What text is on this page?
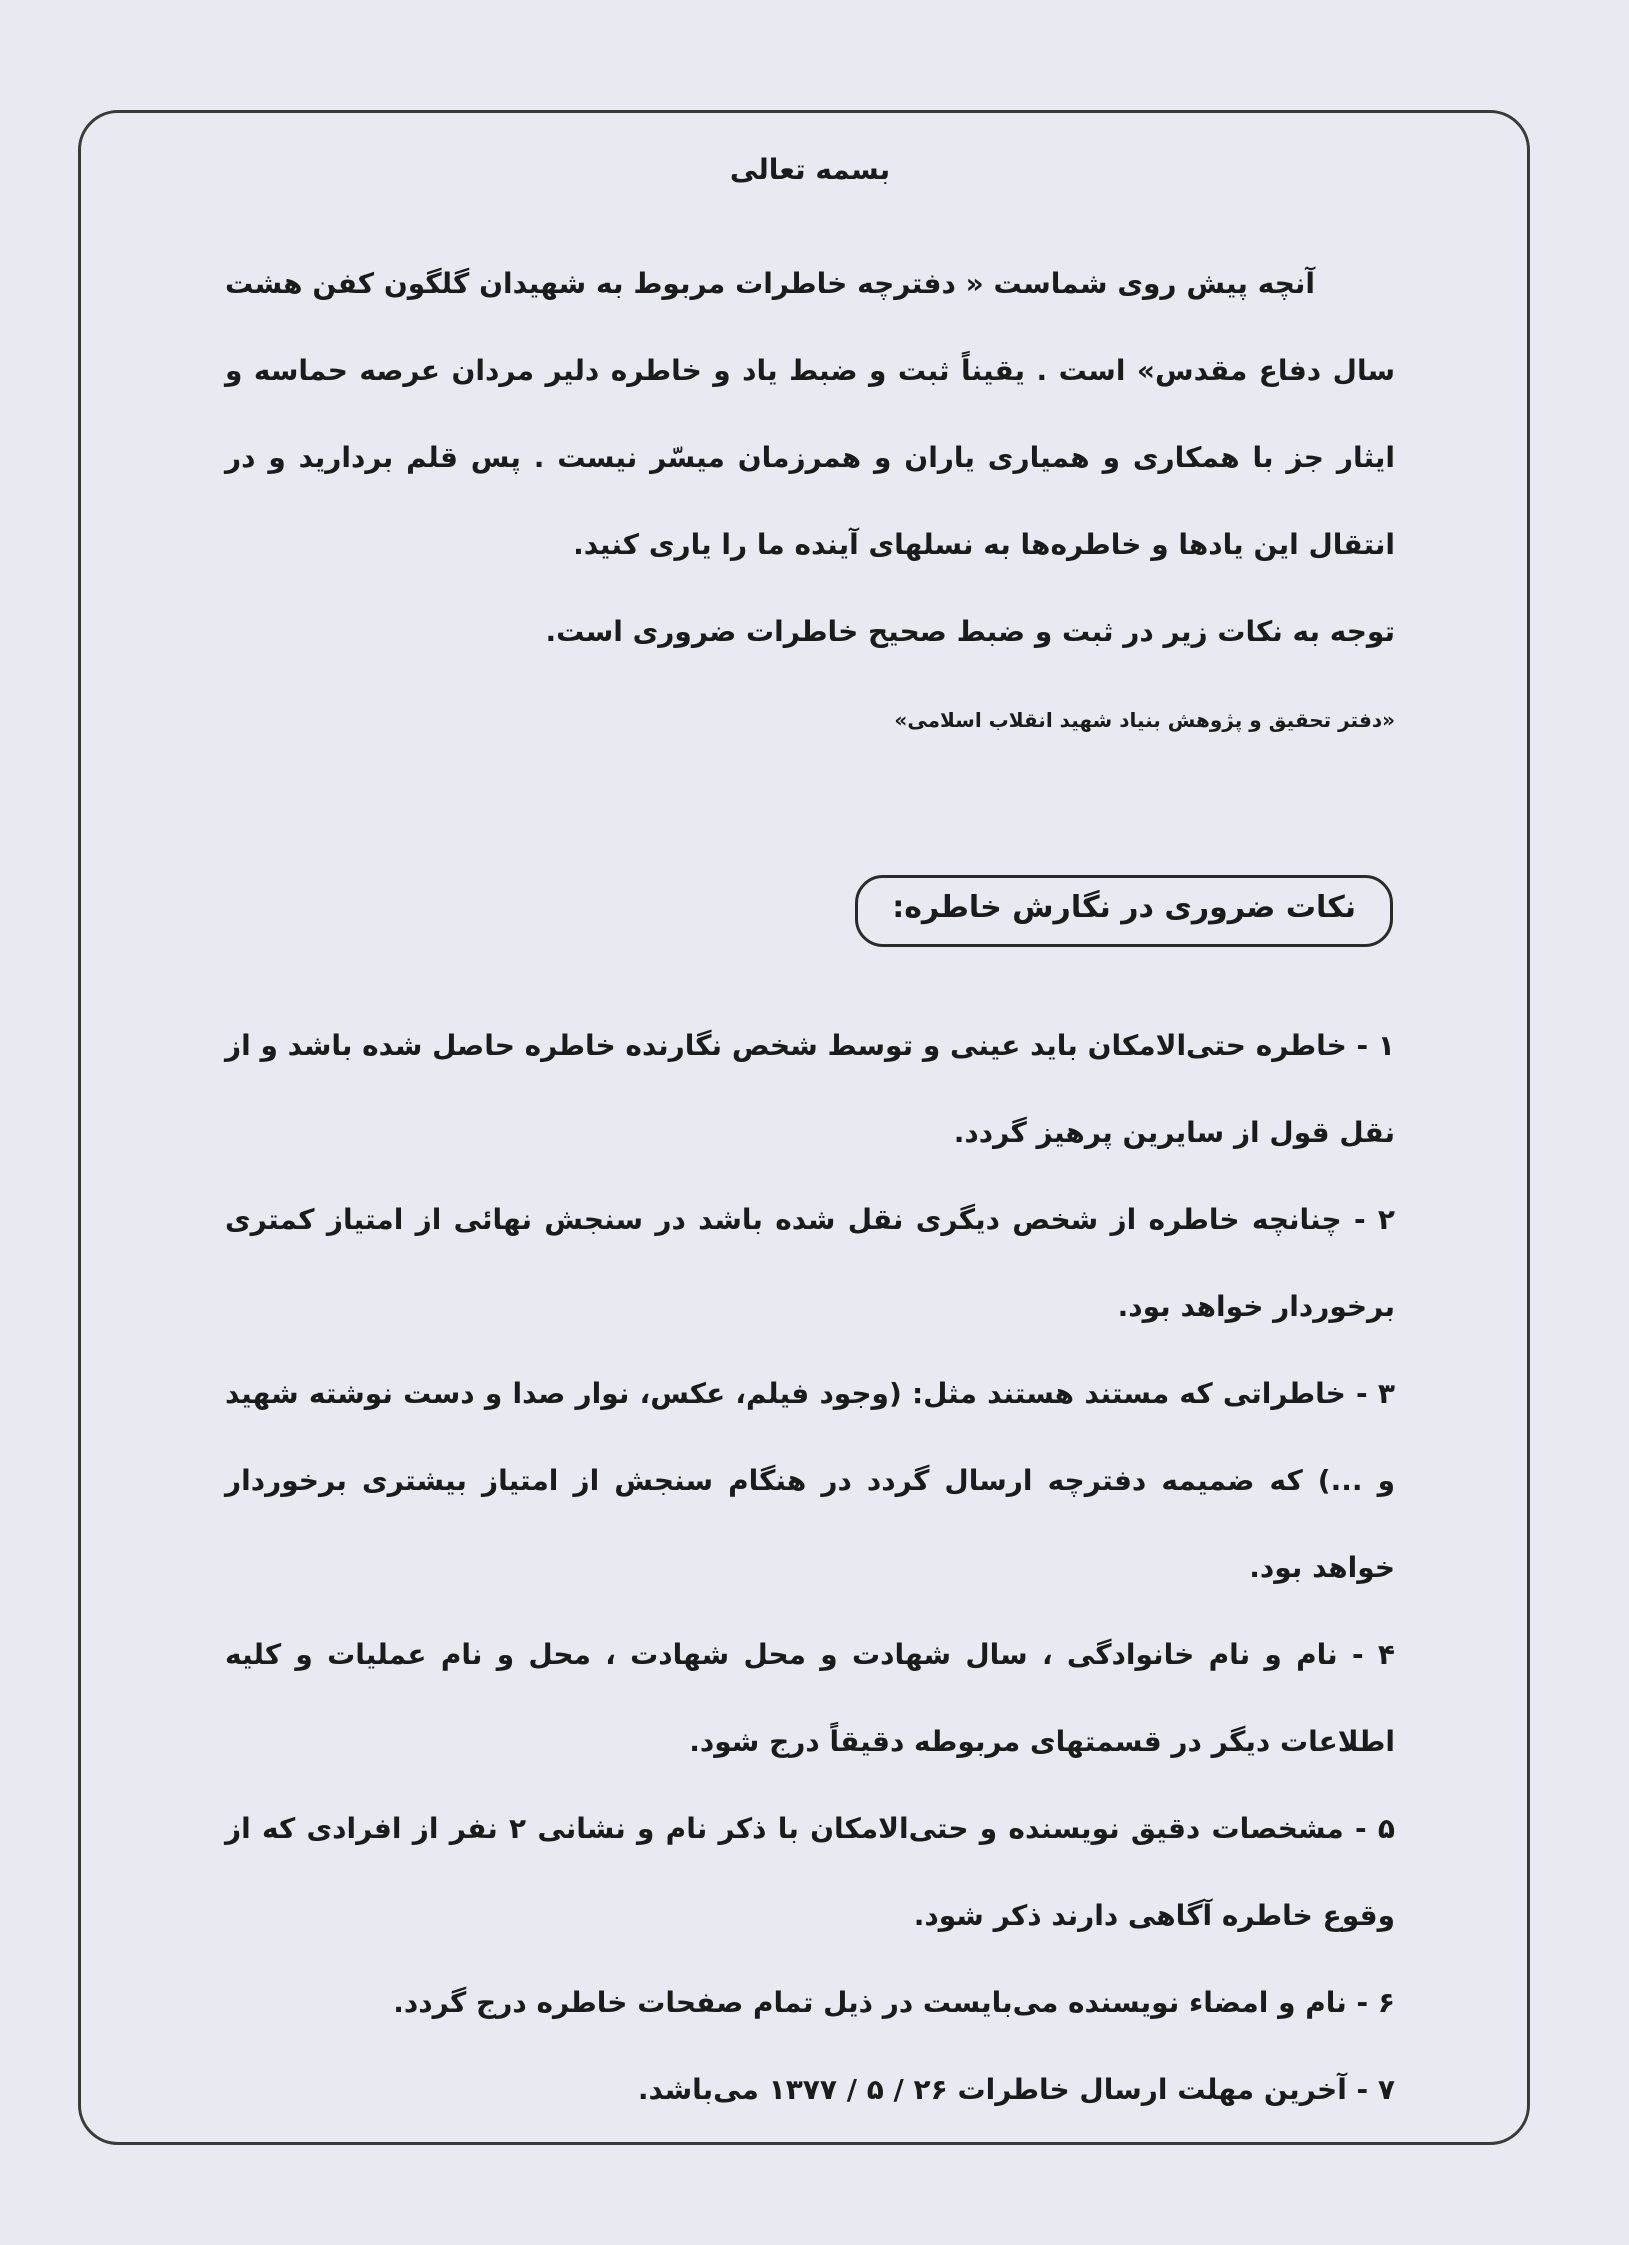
بسمه تعالی

آنچه پیش روی شماست « دفترچه خاطرات مربوط به شهیدان گلگون کفن هشت سال دفاع مقدس» است . یقیناً ثبت و ضبط یاد و خاطره دلیر مردان عرصه حماسه و ایثار جز با همکاری و همیاری یاران و همرزمان میسّر نیست . پس قلم بردارید و در انتقال این یادها و خاطره‌ها به نسلهای آینده ما را یاری کنید.

توجه به نکات زیر در ثبت و ضبط صحیح خاطرات ضروری است.

«دفتر تحقیق و پژوهش بنیاد شهید انقلاب اسلامی»

نکات ضروری در نگارش خاطره:

۱ - خاطره حتی‌الامکان باید عینی و توسط شخص نگارنده خاطره حاصل شده باشد و از نقل قول از سایرین پرهیز گردد.

۲ - چنانچه خاطره از شخص دیگری نقل شده باشد در سنجش نهائی از امتیاز کمتری برخوردار خواهد بود.

۳ - خاطراتی که مستند هستند مثل: (وجود فیلم، عکس، نوار صدا و دست نوشته شهید و ...) که ضمیمه دفترچه ارسال گردد در هنگام سنجش از امتیاز بیشتری برخوردار خواهد بود.

۴ - نام و نام خانوادگی ، سال شهادت و محل شهادت ، محل و نام عملیات و کلیه اطلاعات دیگر در قسمتهای مربوطه دقیقاً درج شود.

۵ - مشخصات دقیق نویسنده و حتی‌الامکان با ذکر نام و نشانی ۲ نفر از افرادی که از وقوع خاطره آگاهی دارند ذکر شود.

۶ - نام و امضاء نویسنده می‌بایست در ذیل تمام صفحات خاطره درج گردد.

۷ - آخرین مهلت ارسال خاطرات ۲۶ / ۵ / ۱۳۷۷ می‌باشد.
